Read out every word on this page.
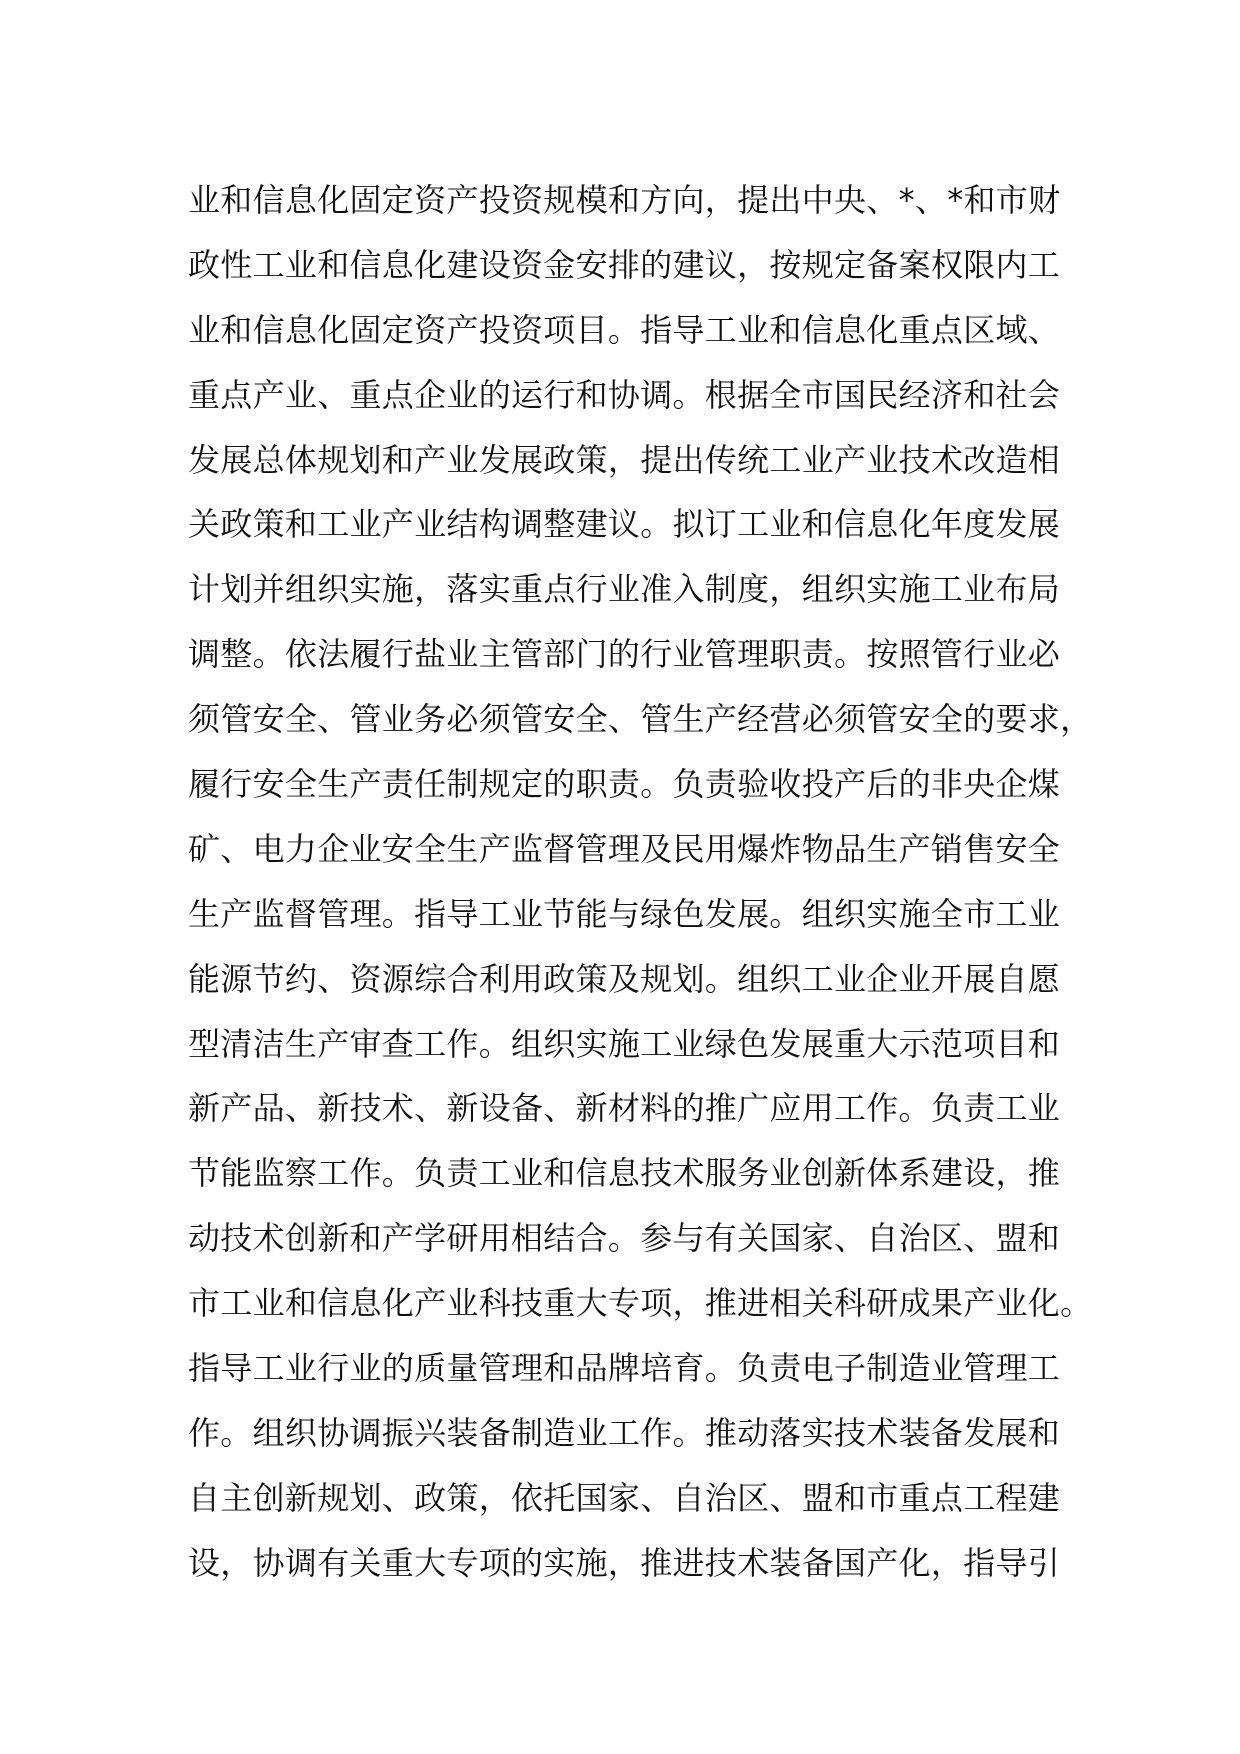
业和信息化固定资产投资规模和方向，提出中央、*、*和市财
政性工业和信息化建设资金安排的建议，按规定备案权限内工
业和信息化固定资产投资项目。指导工业和信息化重点区域、
重点产业、重点企业的运行和协调。根据全市国民经济和社会
发展总体规划和产业发展政策，提出传统工业产业技术改造相
关政策和工业产业结构调整建议。拟订工业和信息化年度发展
计划并组织实施，落实重点行业准入制度，组织实施工业布局
调整。依法履行盐业主管部门的行业管理职责。按照管行业必
须管安全、管业务必须管安全、管生产经营必须管安全的要求，
履行安全生产责任制规定的职责。负责验收投产后的非央企煤
矿、电力企业安全生产监督管理及民用爆炸物品生产销售安全
生产监督管理。指导工业节能与绿色发展。组织实施全市工业
能源节约、资源综合利用政策及规划。组织工业企业开展自愿
型清洁生产审查工作。组织实施工业绿色发展重大示范项目和
新产品、新技术、新设备、新材料的推广应用工作。负责工业
节能监察工作。负责工业和信息技术服务业创新体系建设，推
动技术创新和产学研用相结合。参与有关国家、自治区、盟和
市工业和信息化产业科技重大专项，推进相关科研成果产业化。
指导工业行业的质量管理和品牌培育。负责电子制造业管理工
作。组织协调振兴装备制造业工作。推动落实技术装备发展和
自主创新规划、政策，依托国家、自治区、盟和市重点工程建
设，协调有关重大专项的实施，推进技术装备国产化，指导引
